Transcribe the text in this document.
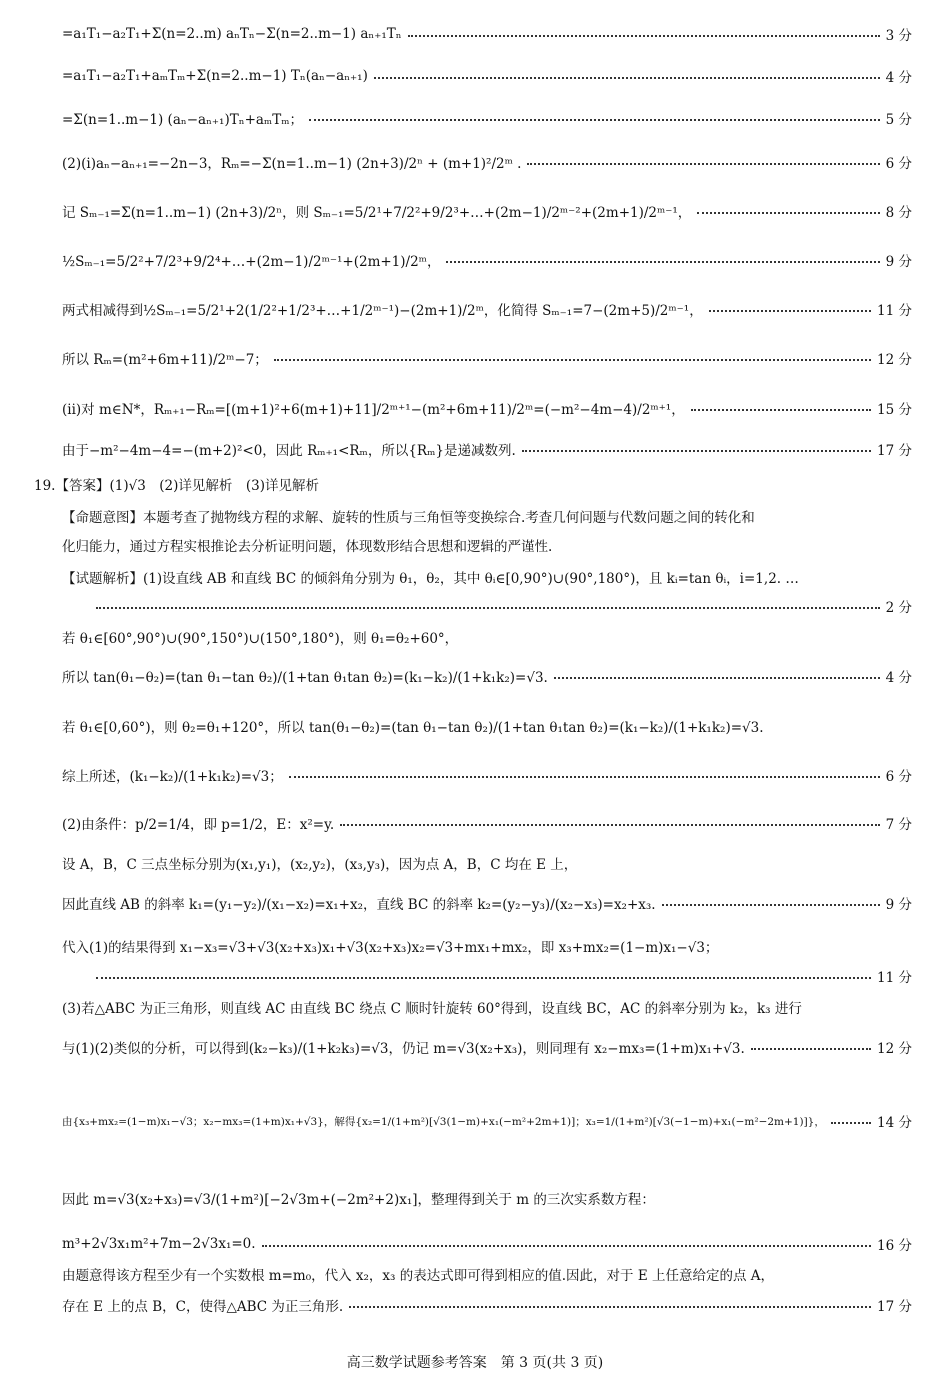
=a₁T₁−a₂T₁+Σ(n=2..m) aₙTₙ−Σ(n=2..m−1) aₙ₊₁Tₙ	3 分
=a₁T₁−a₂T₁+aₘTₘ+Σ(n=2..m−1) Tₙ(aₙ−aₙ₊₁)	4 分
=Σ(n=1..m−1) (aₙ−aₙ₊₁)Tₙ+aₘTₘ；	5 分
(2)(i)aₙ−aₙ₊₁=−2n−3，Rₘ=−Σ(n=1..m−1) (2n+3)/2ⁿ + (m+1)²/2ᵐ .	6 分
记 Sₘ₋₁=Σ(n=1..m−1) (2n+3)/2ⁿ，则 Sₘ₋₁=5/2¹+7/2²+9/2³+…+(2m−1)/2ᵐ⁻²+(2m+1)/2ᵐ⁻¹，	8 分
½Sₘ₋₁=5/2²+7/2³+9/2⁴+…+(2m−1)/2ᵐ⁻¹+(2m+1)/2ᵐ，	9 分
两式相减得到½Sₘ₋₁=5/2¹+2(1/2²+1/2³+…+1/2ᵐ⁻¹)−(2m+1)/2ᵐ，化简得 Sₘ₋₁=7−(2m+5)/2ᵐ⁻¹，	11 分
所以 Rₘ=(m²+6m+11)/2ᵐ−7；	12 分
(ii)对 m∈N*，Rₘ₊₁−Rₘ=[(m+1)²+6(m+1)+11]/2ᵐ⁺¹−(m²+6m+11)/2ᵐ=(−m²−4m−4)/2ᵐ⁺¹，	15 分
由于−m²−4m−4=−(m+2)²<0，因此 Rₘ₊₁<Rₘ，所以{Rₘ}是递减数列.	17 分
19.【答案】(1)√3　(2)详见解析　(3)详见解析
【命题意图】本题考查了抛物线方程的求解、旋转的性质与三角恒等变换综合.考查几何问题与代数问题之间的转化和
化归能力，通过方程实根推论去分析证明问题，体现数形结合思想和逻辑的严谨性.
【试题解析】(1)设直线 AB 和直线 BC 的倾斜角分别为 θ₁，θ₂，其中 θᵢ∈[0,90°)∪(90°,180°)，且 kᵢ=tan θᵢ，i=1,2. …
2 分
若 θ₁∈[60°,90°)∪(90°,150°)∪(150°,180°)，则 θ₁=θ₂+60°，
所以 tan(θ₁−θ₂)=(tan θ₁−tan θ₂)/(1+tan θ₁tan θ₂)=(k₁−k₂)/(1+k₁k₂)=√3.	4 分
若 θ₁∈[0,60°)，则 θ₂=θ₁+120°，所以 tan(θ₁−θ₂)=(tan θ₁−tan θ₂)/(1+tan θ₁tan θ₂)=(k₁−k₂)/(1+k₁k₂)=√3.
综上所述，(k₁−k₂)/(1+k₁k₂)=√3；	6 分
(2)由条件：p/2=1/4，即 p=1/2，E：x²=y.	7 分
设 A，B，C 三点坐标分别为(x₁,y₁)，(x₂,y₂)，(x₃,y₃)，因为点 A，B，C 均在 E 上，
因此直线 AB 的斜率 k₁=(y₁−y₂)/(x₁−x₂)=x₁+x₂，直线 BC 的斜率 k₂=(y₂−y₃)/(x₂−x₃)=x₂+x₃.	9 分
代入(1)的结果得到 x₁−x₃=√3+√3(x₂+x₃)x₁+√3(x₂+x₃)x₂=√3+mx₁+mx₂，即 x₃+mx₂=(1−m)x₁−√3；
11 分
(3)若△ABC 为正三角形，则直线 AC 由直线 BC 绕点 C 顺时针旋转 60°得到，设直线 BC，AC 的斜率分别为 k₂，k₃ 进行
与(1)(2)类似的分析，可以得到(k₂−k₃)/(1+k₂k₃)=√3，仍记 m=√3(x₂+x₃)，则同理有 x₂−mx₃=(1+m)x₁+√3.	12 分
由{x₃+mx₂=(1−m)x₁−√3；x₂−mx₃=(1+m)x₁+√3}，解得{x₂=1/(1+m²)[√3(1−m)+x₁(−m²+2m+1)]；x₃=1/(1+m²)[√3(−1−m)+x₁(−m²−2m+1)]}，	14 分
因此 m=√3(x₂+x₃)=√3/(1+m²)[−2√3m+(−2m²+2)x₁]，整理得到关于 m 的三次实系数方程：
m³+2√3x₁m²+7m−2√3x₁=0.	16 分
由题意得该方程至少有一个实数根 m=m₀，代入 x₂，x₃ 的表达式即可得到相应的值.因此，对于 E 上任意给定的点 A，
存在 E 上的点 B，C，使得△ABC 为正三角形.	17 分
高三数学试题参考答案　第 3 页(共 3 页)
